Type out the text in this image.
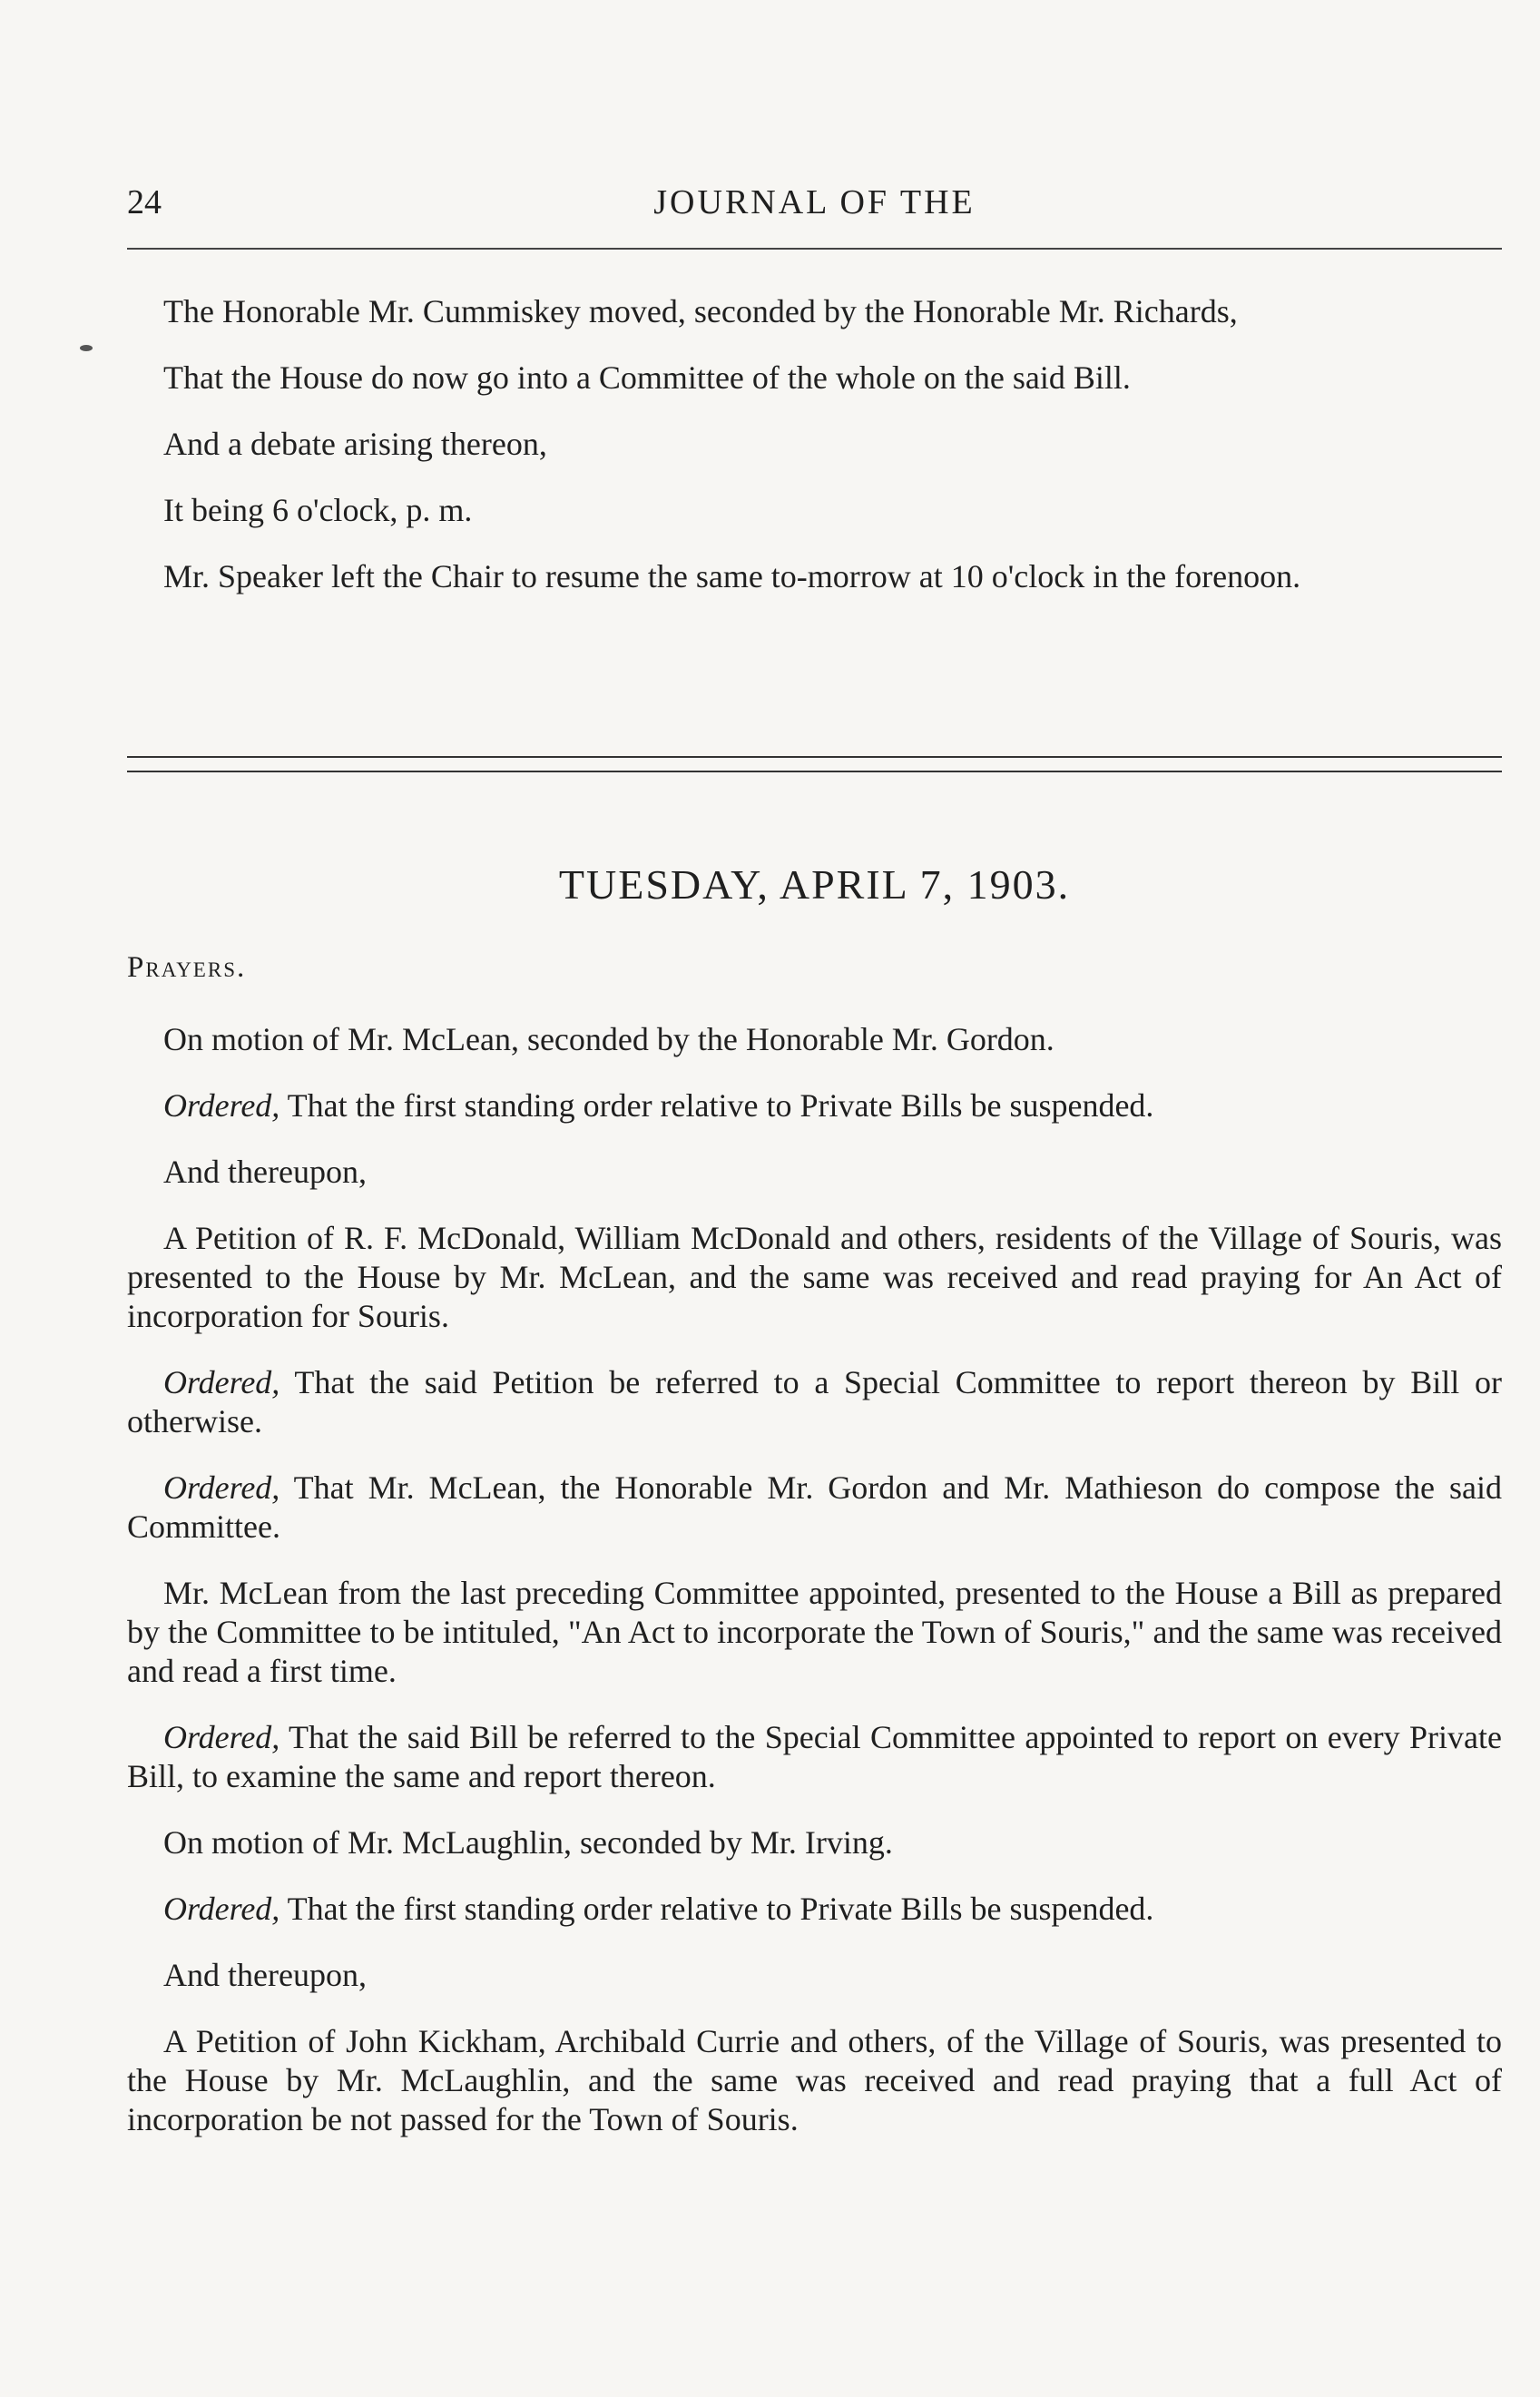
24	JOURNAL OF THE

The Honorable Mr. Cummiskey moved, seconded by the Honorable Mr. Richards,

That the House do now go into a Committee of the whole on the said Bill.

And a debate arising thereon,

It being 6 o'clock, p. m.

Mr. Speaker left the Chair to resume the same to-morrow at 10 o'clock in the forenoon.

TUESDAY, APRIL 7, 1903.
Prayers.

On motion of Mr. McLean, seconded by the Honorable Mr. Gordon.

Ordered, That the first standing order relative to Private Bills be suspended.

And thereupon,

A Petition of R. F. McDonald, William McDonald and others, residents of the Village of Souris, was presented to the House by Mr. McLean, and the same was received and read praying for An Act of incorporation for Souris.

Ordered, That the said Petition be referred to a Special Committee to report thereon by Bill or otherwise.

Ordered, That Mr. McLean, the Honorable Mr. Gordon and Mr. Mathieson do compose the said Committee.

Mr. McLean from the last preceding Committee appointed, presented to the House a Bill as prepared by the Committee to be intituled, "An Act to incorporate the Town of Souris," and the same was received and read a first time.

Ordered, That the said Bill be referred to the Special Committee appointed to report on every Private Bill, to examine the same and report thereon.

On motion of Mr. McLaughlin, seconded by Mr. Irving.

Ordered, That the first standing order relative to Private Bills be suspended.

And thereupon,

A Petition of John Kickham, Archibald Currie and others, of the Village of Souris, was presented to the House by Mr. McLaughlin, and the same was received and read praying that a full Act of incorporation be not passed for the Town of Souris.
